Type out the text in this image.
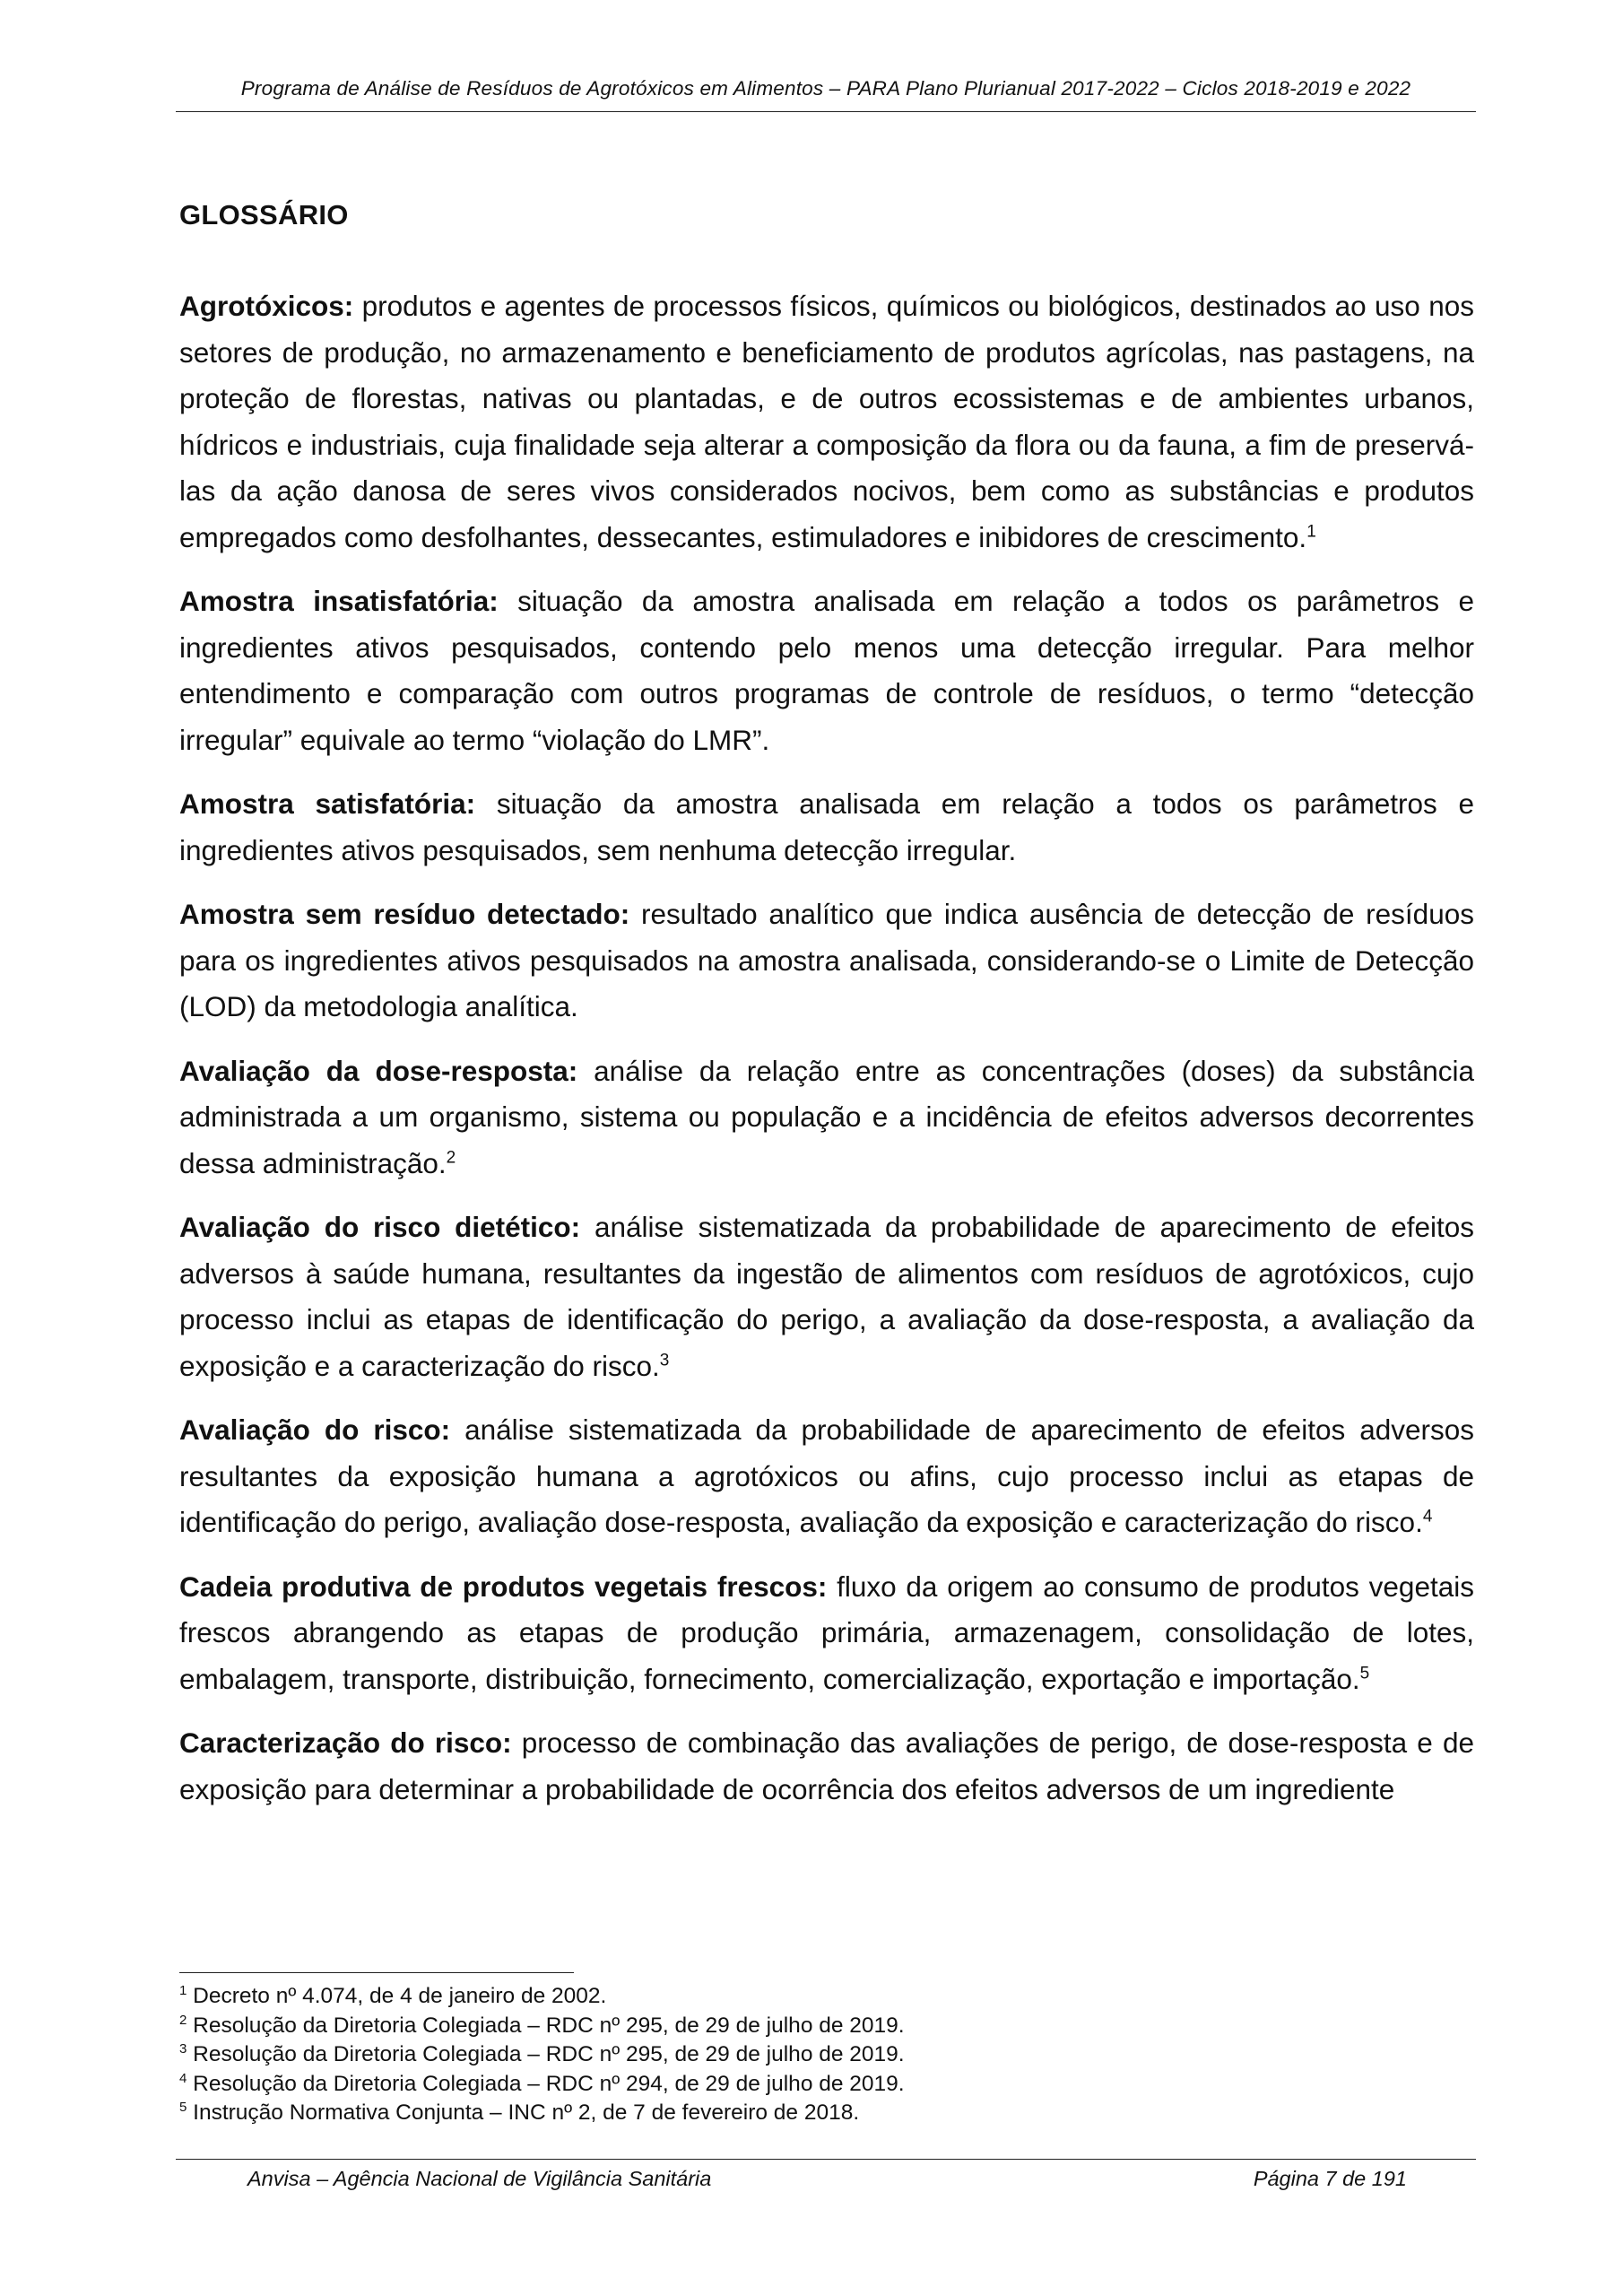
Programa de Análise de Resíduos de Agrotóxicos em Alimentos – PARA Plano Plurianual 2017-2022 – Ciclos 2018-2019 e 2022
GLOSSÁRIO

Agrotóxicos: produtos e agentes de processos físicos, químicos ou biológicos, destinados ao uso nos setores de produção, no armazenamento e beneficiamento de produtos agrícolas, nas pastagens, na proteção de florestas, nativas ou plantadas, e de outros ecossistemas e de ambientes urbanos, hídricos e industriais, cuja finalidade seja alterar a composição da flora ou da fauna, a fim de preservá-las da ação danosa de seres vivos considerados nocivos, bem como as substâncias e produtos empregados como desfolhantes, dessecantes, estimuladores e inibidores de crescimento.$^1$

Amostra insatisfatória: situação da amostra analisada em relação a todos os parâmetros e ingredientes ativos pesquisados, contendo pelo menos uma detecção irregular. Para melhor entendimento e comparação com outros programas de controle de resíduos, o termo “detecção irregular” equivale ao termo “violação do LMR”.

Amostra satisfatória: situação da amostra analisada em relação a todos os parâmetros e ingredientes ativos pesquisados, sem nenhuma detecção irregular.

Amostra sem resíduo detectado: resultado analítico que indica ausência de detecção de resíduos para os ingredientes ativos pesquisados na amostra analisada, considerando-se o Limite de Detecção (LOD) da metodologia analítica.

Avaliação da dose-resposta: análise da relação entre as concentrações (doses) da substância administrada a um organismo, sistema ou população e a incidência de efeitos adversos decorrentes dessa administração.$^2$

Avaliação do risco dietético: análise sistematizada da probabilidade de aparecimento de efeitos adversos à saúde humana, resultantes da ingestão de alimentos com resíduos de agrotóxicos, cujo processo inclui as etapas de identificação do perigo, a avaliação da dose-resposta, a avaliação da exposição e a caracterização do risco.$^3$

Avaliação do risco: análise sistematizada da probabilidade de aparecimento de efeitos adversos resultantes da exposição humana a agrotóxicos ou afins, cujo processo inclui as etapas de identificação do perigo, avaliação dose-resposta, avaliação da exposição e caracterização do risco.$^4$

Cadeia produtiva de produtos vegetais frescos: fluxo da origem ao consumo de produtos vegetais frescos abrangendo as etapas de produção primária, armazenagem, consolidação de lotes, embalagem, transporte, distribuição, fornecimento, comercialização, exportação e importação.$^5$

Caracterização do risco: processo de combinação das avaliações de perigo, de dose-resposta e de exposição para determinar a probabilidade de ocorrência dos efeitos adversos de um ingrediente

$^1$ Decreto nº 4.074, de 4 de janeiro de 2002.
$^2$ Resolução da Diretoria Colegiada – RDC nº 295, de 29 de julho de 2019.
$^3$ Resolução da Diretoria Colegiada – RDC nº 295, de 29 de julho de 2019.
$^4$ Resolução da Diretoria Colegiada – RDC nº 294, de 29 de julho de 2019.
$^5$ Instrução Normativa Conjunta – INC nº 2, de 7 de fevereiro de 2018.
Anvisa – Agência Nacional de Vigilância Sanitária	Página 7 de 191
